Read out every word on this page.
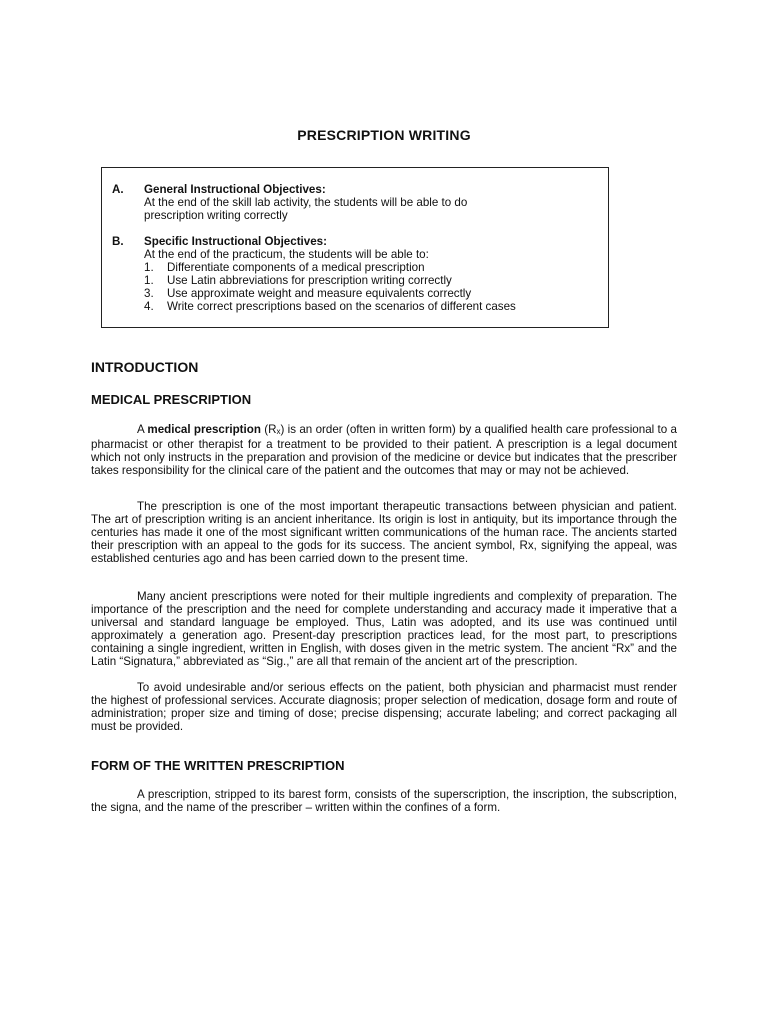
PRESCRIPTION WRITING
A. General Instructional Objectives:
At the end of the skill lab activity, the students will be able to do
prescription writing correctly
B. Specific Instructional Objectives:
At the end of the practicum, the students will be able to:
1. Differentiate components of a medical prescription
1. Use Latin abbreviations for prescription writing correctly
3. Use approximate weight and measure equivalents correctly
4. Write correct prescriptions based on the scenarios of different cases
INTRODUCTION
MEDICAL PRESCRIPTION

A medical prescription (Rx) is an order (often in written form) by a qualified health care professional to a pharmacist or other therapist for a treatment to be provided to their patient. A prescription is a legal document which not only instructs in the preparation and provision of the medicine or device but indicates that the prescriber takes responsibility for the clinical care of the patient and the outcomes that may or may not be achieved.

The prescription is one of the most important therapeutic transactions between physician and patient. The art of prescription writing is an ancient inheritance. Its origin is lost in antiquity, but its importance through the centuries has made it one of the most significant written communications of the human race. The ancients started their prescription with an appeal to the gods for its success. The ancient symbol, Rx, signifying the appeal, was established centuries ago and has been carried down to the present time.

Many ancient prescriptions were noted for their multiple ingredients and complexity of preparation. The importance of the prescription and the need for complete understanding and accuracy made it imperative that a universal and standard language be employed. Thus, Latin was adopted, and its use was continued until approximately a generation ago. Present-day prescription practices lead, for the most part, to prescriptions containing a single ingredient, written in English, with doses given in the metric system. The ancient “Rx” and the Latin “Signatura,” abbreviated as “Sig.,” are all that remain of the ancient art of the prescription.

To avoid undesirable and/or serious effects on the patient, both physician and pharmacist must render the highest of professional services. Accurate diagnosis; proper selection of medication, dosage form and route of administration; proper size and timing of dose; precise dispensing; accurate labeling; and correct packaging all must be provided.

FORM OF THE WRITTEN PRESCRIPTION

A prescription, stripped to its barest form, consists of the superscription, the inscription, the subscription, the signa, and the name of the prescriber – written within the confines of a form.
